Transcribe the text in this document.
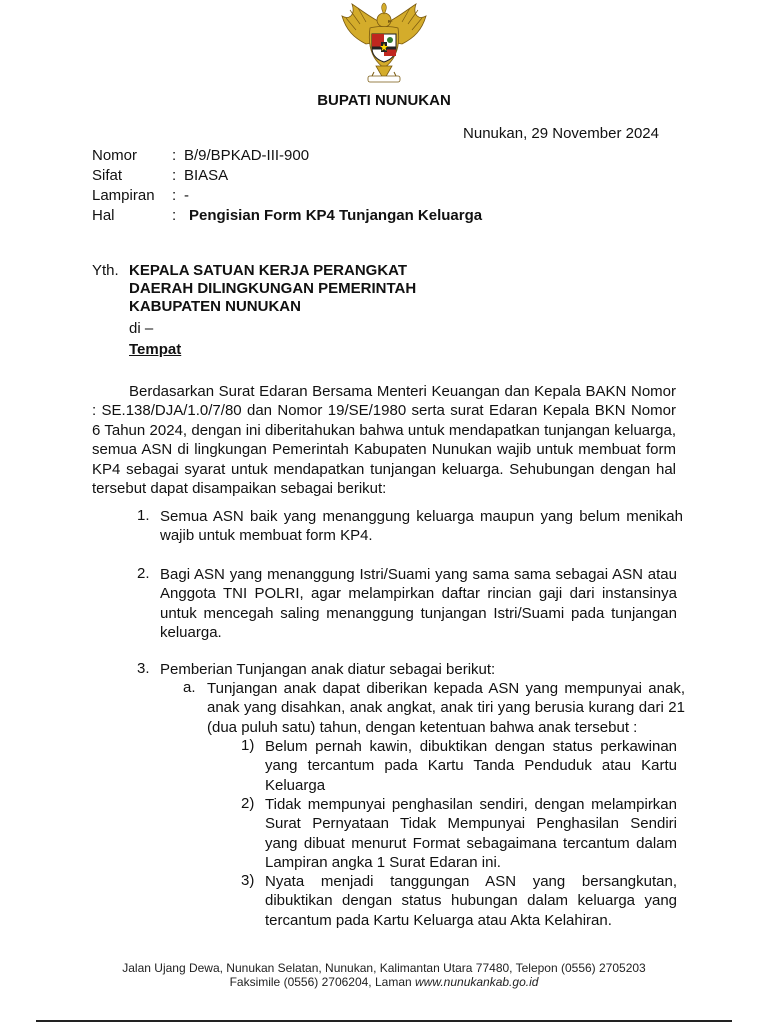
BUPATI NUNUKAN
Nunukan, 29 November 2024
Nomor : B/9/BPKAD-III-900
Sifat	: BIASA
Lampiran : -
Hal	: Pengisian Form KP4 Tunjangan Keluarga
Yth. KEPALA SATUAN KERJA PERANGKAT
DAERAH DILINGKUNGAN PEMERINTAH
KABUPATEN NUNUKAN
di –
Tempat
Berdasarkan Surat Edaran Bersama Menteri Keuangan dan Kepala BAKN Nomor : SE.138/DJA/1.0/7/80 dan Nomor 19/SE/1980 serta surat Edaran Kepala BKN Nomor 6 Tahun 2024, dengan ini diberitahukan bahwa untuk mendapatkan tunjangan keluarga, semua ASN di lingkungan Pemerintah Kabupaten Nunukan wajib untuk membuat form KP4 sebagai syarat untuk mendapatkan tunjangan keluarga. Sehubungan dengan hal tersebut dapat disampaikan sebagai berikut:
1. Semua ASN baik yang menanggung keluarga maupun yang belum menikah wajib untuk membuat form KP4.
2. Bagi ASN yang menanggung Istri/Suami yang sama sama sebagai ASN atau Anggota TNI POLRI, agar melampirkan daftar rincian gaji dari instansinya untuk mencegah saling menanggung tunjangan Istri/Suami pada tunjangan keluarga.
3. Pemberian Tunjangan anak diatur sebagai berikut:
a. Tunjangan anak dapat diberikan kepada ASN yang mempunyai anak, anak yang disahkan, anak angkat, anak tiri yang berusia kurang dari 21 (dua puluh satu) tahun, dengan ketentuan bahwa anak tersebut :
1) Belum pernah kawin, dibuktikan dengan status perkawinan yang tercantum pada Kartu Tanda Penduduk atau Kartu Keluarga
2) Tidak mempunyai penghasilan sendiri, dengan melampirkan Surat Pernyataan Tidak Mempunyai Penghasilan Sendiri yang dibuat menurut Format sebagaimana tercantum dalam Lampiran angka 1 Surat Edaran ini.
3) Nyata menjadi tanggungan ASN yang bersangkutan, dibuktikan dengan status hubungan dalam keluarga yang tercantum pada Kartu Keluarga atau Akta Kelahiran.
Jalan Ujang Dewa, Nunukan Selatan, Nunukan, Kalimantan Utara 77480, Telepon (0556) 2705203
Faksimile (0556) 2706204, Laman www.nunukankab.go.id
